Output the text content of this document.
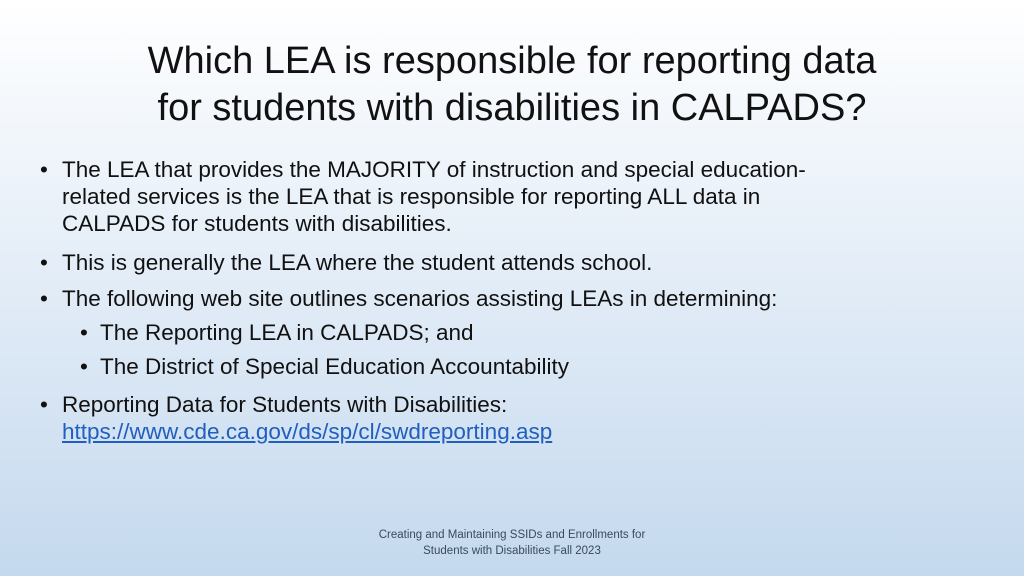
Which LEA is responsible for reporting data
for students with disabilities in CALPADS?
• The LEA that provides the MAJORITY of instruction and special education-
related services is the LEA that is responsible for reporting ALL data in
CALPADS for students with disabilities.
• This is generally the LEA where the student attends school.
• The following web site outlines scenarios assisting LEAs in determining:
• The Reporting LEA in CALPADS; and
• The District of Special Education Accountability
• Reporting Data for Students with Disabilities:
https://www.cde.ca.gov/ds/sp/cl/swdreporting.asp
Creating and Maintaining SSIDs and Enrollments for
Students with Disabilities Fall 2023
